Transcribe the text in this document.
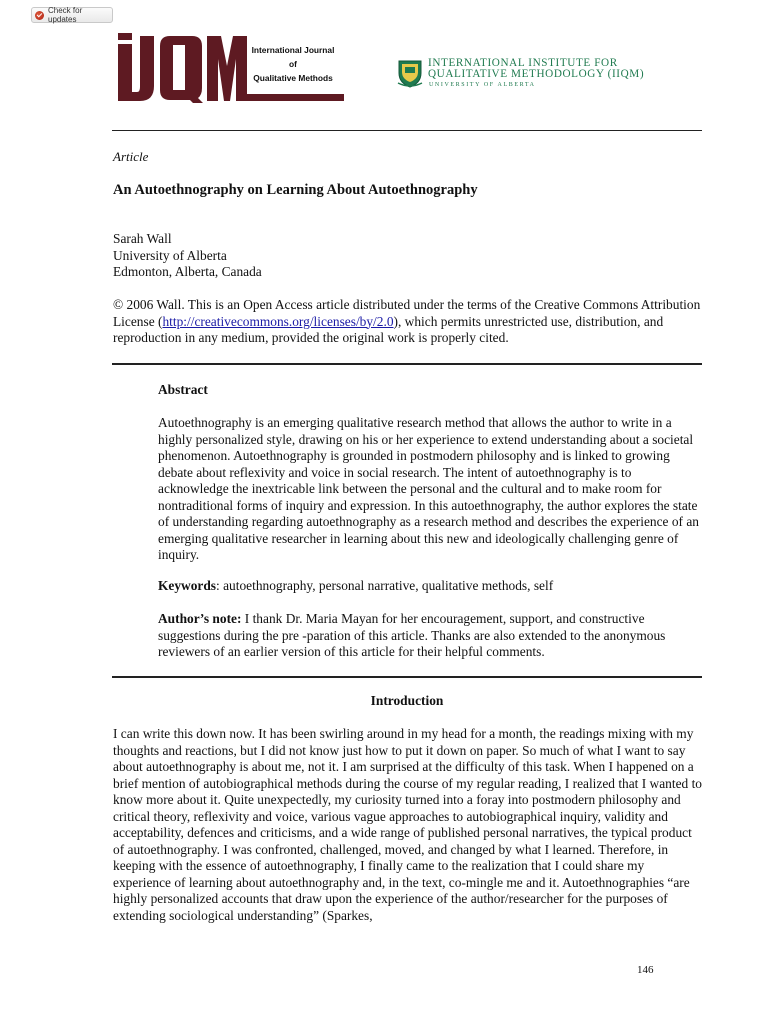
Check for updates
International Journal
of
Qualitative Methods
INTERNATIONAL INSTITUTE FOR
QUALITATIVE METHODOLOGY (IIQM)
UNIVERSITY OF ALBERTA
Article
An Autoethnography on Learning About Autoethnography
Sarah Wall
University of Alberta
Edmonton, Alberta, Canada
© 2006 Wall. This is an Open Access article distributed under the terms of the Creative Commons Attribution License (http://creativecommons.org/licenses/by/2.0), which permits unrestricted use, distribution, and reproduction in any medium, provided the original work is properly cited.
Abstract
Autoethnography is an emerging qualitative research method that allows the author to write in a highly personalized style, drawing on his or her experience to extend understanding about a societal phenomenon. Autoethnography is grounded in postmodern philosophy and is linked to growing debate about reflexivity and voice in social research. The intent of autoethnography is to acknowledge the inextricable link between the personal and the cultural and to make room for nontraditional forms of inquiry and expression. In this autoethnography, the author explores the state of understanding regarding autoethnography as a research method and describes the experience of an emerging qualitative researcher in learning about this new and ideologically challenging genre of inquiry.
Keywords: autoethnography, personal narrative, qualitative methods, self
Author’s note: I thank Dr. Maria Mayan for her encouragement, support, and constructive suggestions during the pre -paration of this article. Thanks are also extended to the anonymous reviewers of an earlier version of this article for their helpful comments.
Introduction
I can write this down now. It has been swirling around in my head for a month, the readings mixing with my thoughts and reactions, but I did not know just how to put it down on paper. So much of what I want to say about autoethnography is about me, not it. I am surprised at the difficulty of this task. When I happened on a brief mention of autobiographical methods during the course of my regular reading, I realized that I wanted to know more about it. Quite unexpectedly, my curiosity turned into a foray into postmodern philosophy and critical theory, reflexivity and voice, various vague approaches to autobiographical inquiry, validity and acceptability, defences and criticisms, and a wide range of published personal narratives, the typical product of autoethnography. I was confronted, challenged, moved, and changed by what I learned. Therefore, in keeping with the essence of autoethnography, I finally came to the realization that I could share my experience of learning about autoethnography and, in the text, co-mingle me and it. Autoethnographies “are highly personalized accounts that draw upon the experience of the author/researcher for the purposes of extending sociological understanding” (Sparkes,
146
